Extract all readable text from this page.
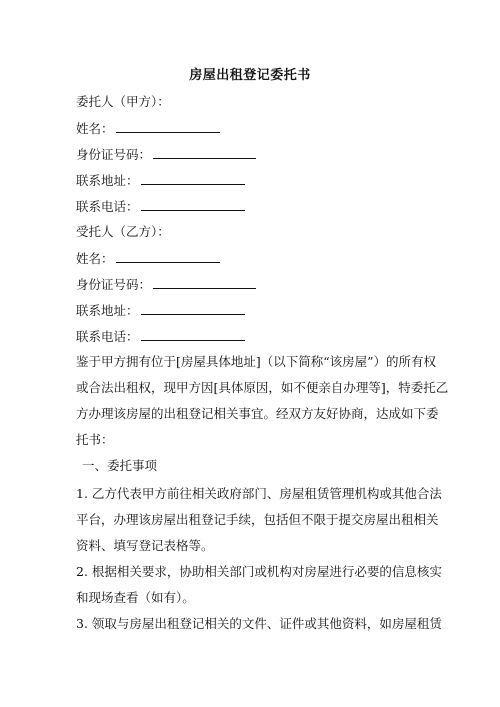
房屋出租登记委托书
委托人（甲方）：
姓名：
身份证号码：
联系地址：
联系电话：
受托人（乙方）：
姓名：
身份证号码：
联系地址：
联系电话：
鉴于甲方拥有位于[房屋具体地址]（以下简称“该房屋”）的所有权
或合法出租权，现甲方因[具体原因，如不便亲自办理等]，特委托乙
方办理该房屋的出租登记相关事宜。经双方友好协商，达成如下委
托书：
一、委托事项
1. 乙方代表甲方前往相关政府部门、房屋租赁管理机构或其他合法
平台，办理该房屋出租登记手续，包括但不限于提交房屋出租相关
资料、填写登记表格等。
2. 根据相关要求，协助相关部门或机构对房屋进行必要的信息核实
和现场查看（如有）。
3. 领取与房屋出租登记相关的文件、证件或其他资料，如房屋租赁
